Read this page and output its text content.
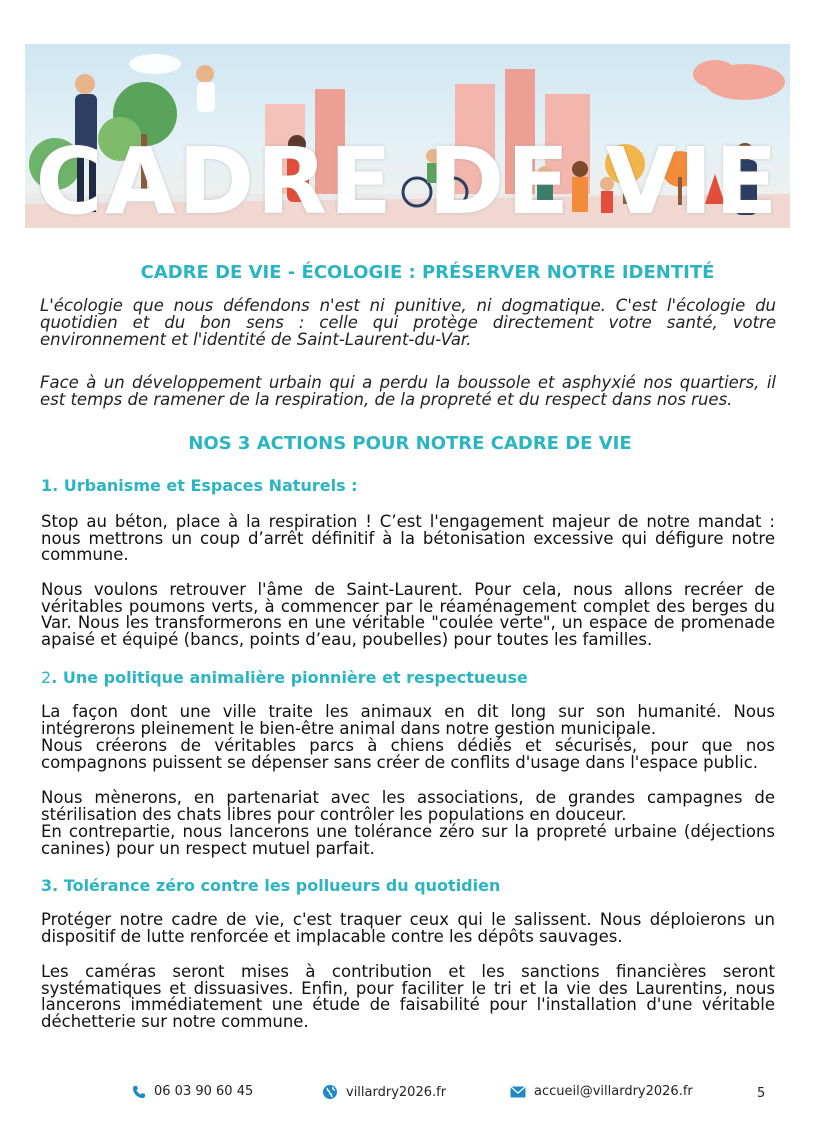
CADRE DE VIE
CADRE DE VIE - ÉCOLOGIE : PRÉSERVER NOTRE IDENTITÉ
L'écologie que nous défendons n'est ni punitive, ni dogmatique. C'est l'écologie du quotidien et du bon sens : celle qui protège directement votre santé, votre environnement et l'identité de Saint-Laurent-du-Var.
Face à un développement urbain qui a perdu la boussole et asphyxié nos quartiers, il est temps de ramener de la respiration, de la propreté et du respect dans nos rues.
NOS 3 ACTIONS POUR NOTRE CADRE DE VIE
1. Urbanisme et Espaces Naturels :

Stop au béton, place à la respiration ! C’est l'engagement majeur de notre mandat : nous mettrons un coup d’arrêt définitif à la bétonisation excessive qui défigure notre commune.

Nous voulons retrouver l'âme de Saint-Laurent. Pour cela, nous allons recréer de véritables poumons verts, à commencer par le réaménagement complet des berges du Var. Nous les transformerons en une véritable "coulée verte", un espace de promenade apaisé et équipé (bancs, points d’eau, poubelles) pour toutes les familles.

2. Une politique animalière pionnière et respectueuse

La façon dont une ville traite les animaux en dit long sur son humanité. Nous intégrerons pleinement le bien-être animal dans notre gestion municipale.

Nous créerons de véritables parcs à chiens dédiés et sécurisés, pour que nos compagnons puissent se dépenser sans créer de conflits d'usage dans l'espace public.

Nous mènerons, en partenariat avec les associations, de grandes campagnes de stérilisation des chats libres pour contrôler les populations en douceur.

En contrepartie, nous lancerons une tolérance zéro sur la propreté urbaine (déjections canines) pour un respect mutuel parfait.

3. Tolérance zéro contre les pollueurs du quotidien

Protéger notre cadre de vie, c'est traquer ceux qui le salissent. Nous déploierons un dispositif de lutte renforcée et implacable contre les dépôts sauvages.

Les caméras seront mises à contribution et les sanctions financières seront systématiques et dissuasives. Enfin, pour faciliter le tri et la vie des Laurentins, nous lancerons immédiatement une étude de faisabilité pour l'installation d'une véritable déchetterie sur notre commune.

06 03 90 60 45	villardry2026.fr	accueil@villardry2026.fr	5
